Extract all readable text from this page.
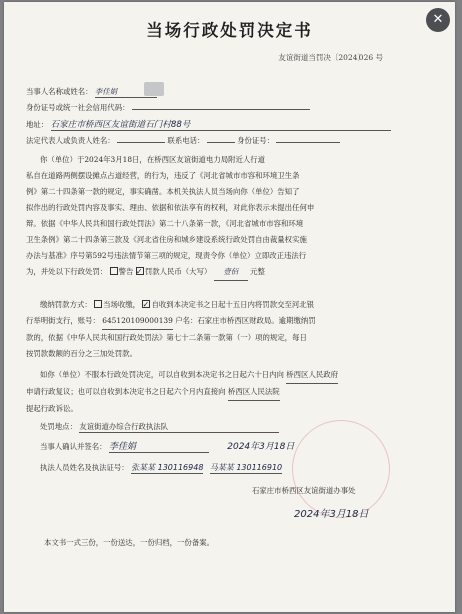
当场行政处罚决定书
友谊街道当罚决〔2024〕
026 号
当事人名称或姓名： 李佳娟
身份证号或统一社会信用代码：
地址： 石家庄市桥西区友谊街道石门村88号
法定代表人或负责人姓名：	联系电话：	身份证号：
你（单位）于2024年3月18日，在桥西区友谊街道电力局附近人行道
私自在道路两侧摆设摊点占道经营，的行为，违反了《河北省城市市容和环境卫生条
例》第二十四条第一款的规定，事实确凿。本机关执法人员当场向你（单位）告知了
拟作出的行政处罚内容及事实、理由、依据和依法享有的权利，对此你表示未提出任何申
辩。依据《中华人民共和国行政处罚法》第二十八条第一款，《河北省城市市容和环境
卫生条例》第二十四条第三款及《河北省住房和城乡建设系统行政处罚自由裁量权实施
办法与基准》序号第592号违法情节第三项的规定，现责令你（单位）立即改正违法行
为，并处以下行政处罚： 警告 ✓ 罚款人民币（大写） 壹佰 元整
缴纳罚款方式： 当场收缴， ✓ 自收到本决定书之日起十五日内将罚款交至河北银
行举明街支行，账号： 645120109000139 户名：石家庄市桥西区财政局。逾期缴纳罚
款的，依据《中华人民共和国行政处罚法》第七十二条第一款第（一）项的规定，每日
按罚款数额的百分之三加处罚款。
如你（单位）不服本行政处罚决定，可以自收到本决定书之日起六十日内向 桥西区人民政府
申请行政复议；也可以自收到本决定书之日起六个月内直接向 桥西区人民法院
提起行政诉讼。
处罚地点： 友谊街道办综合行政执法队
当事人确认并签名： 李佳娟	2024年3月18日
执法人员姓名及执法证号： 张某某 130116948 马某某 130116910
石家庄市桥西区友谊街道办事处
2024年3月18日
本文书一式三份，一份送达，一份归档，一份备案。
✕
